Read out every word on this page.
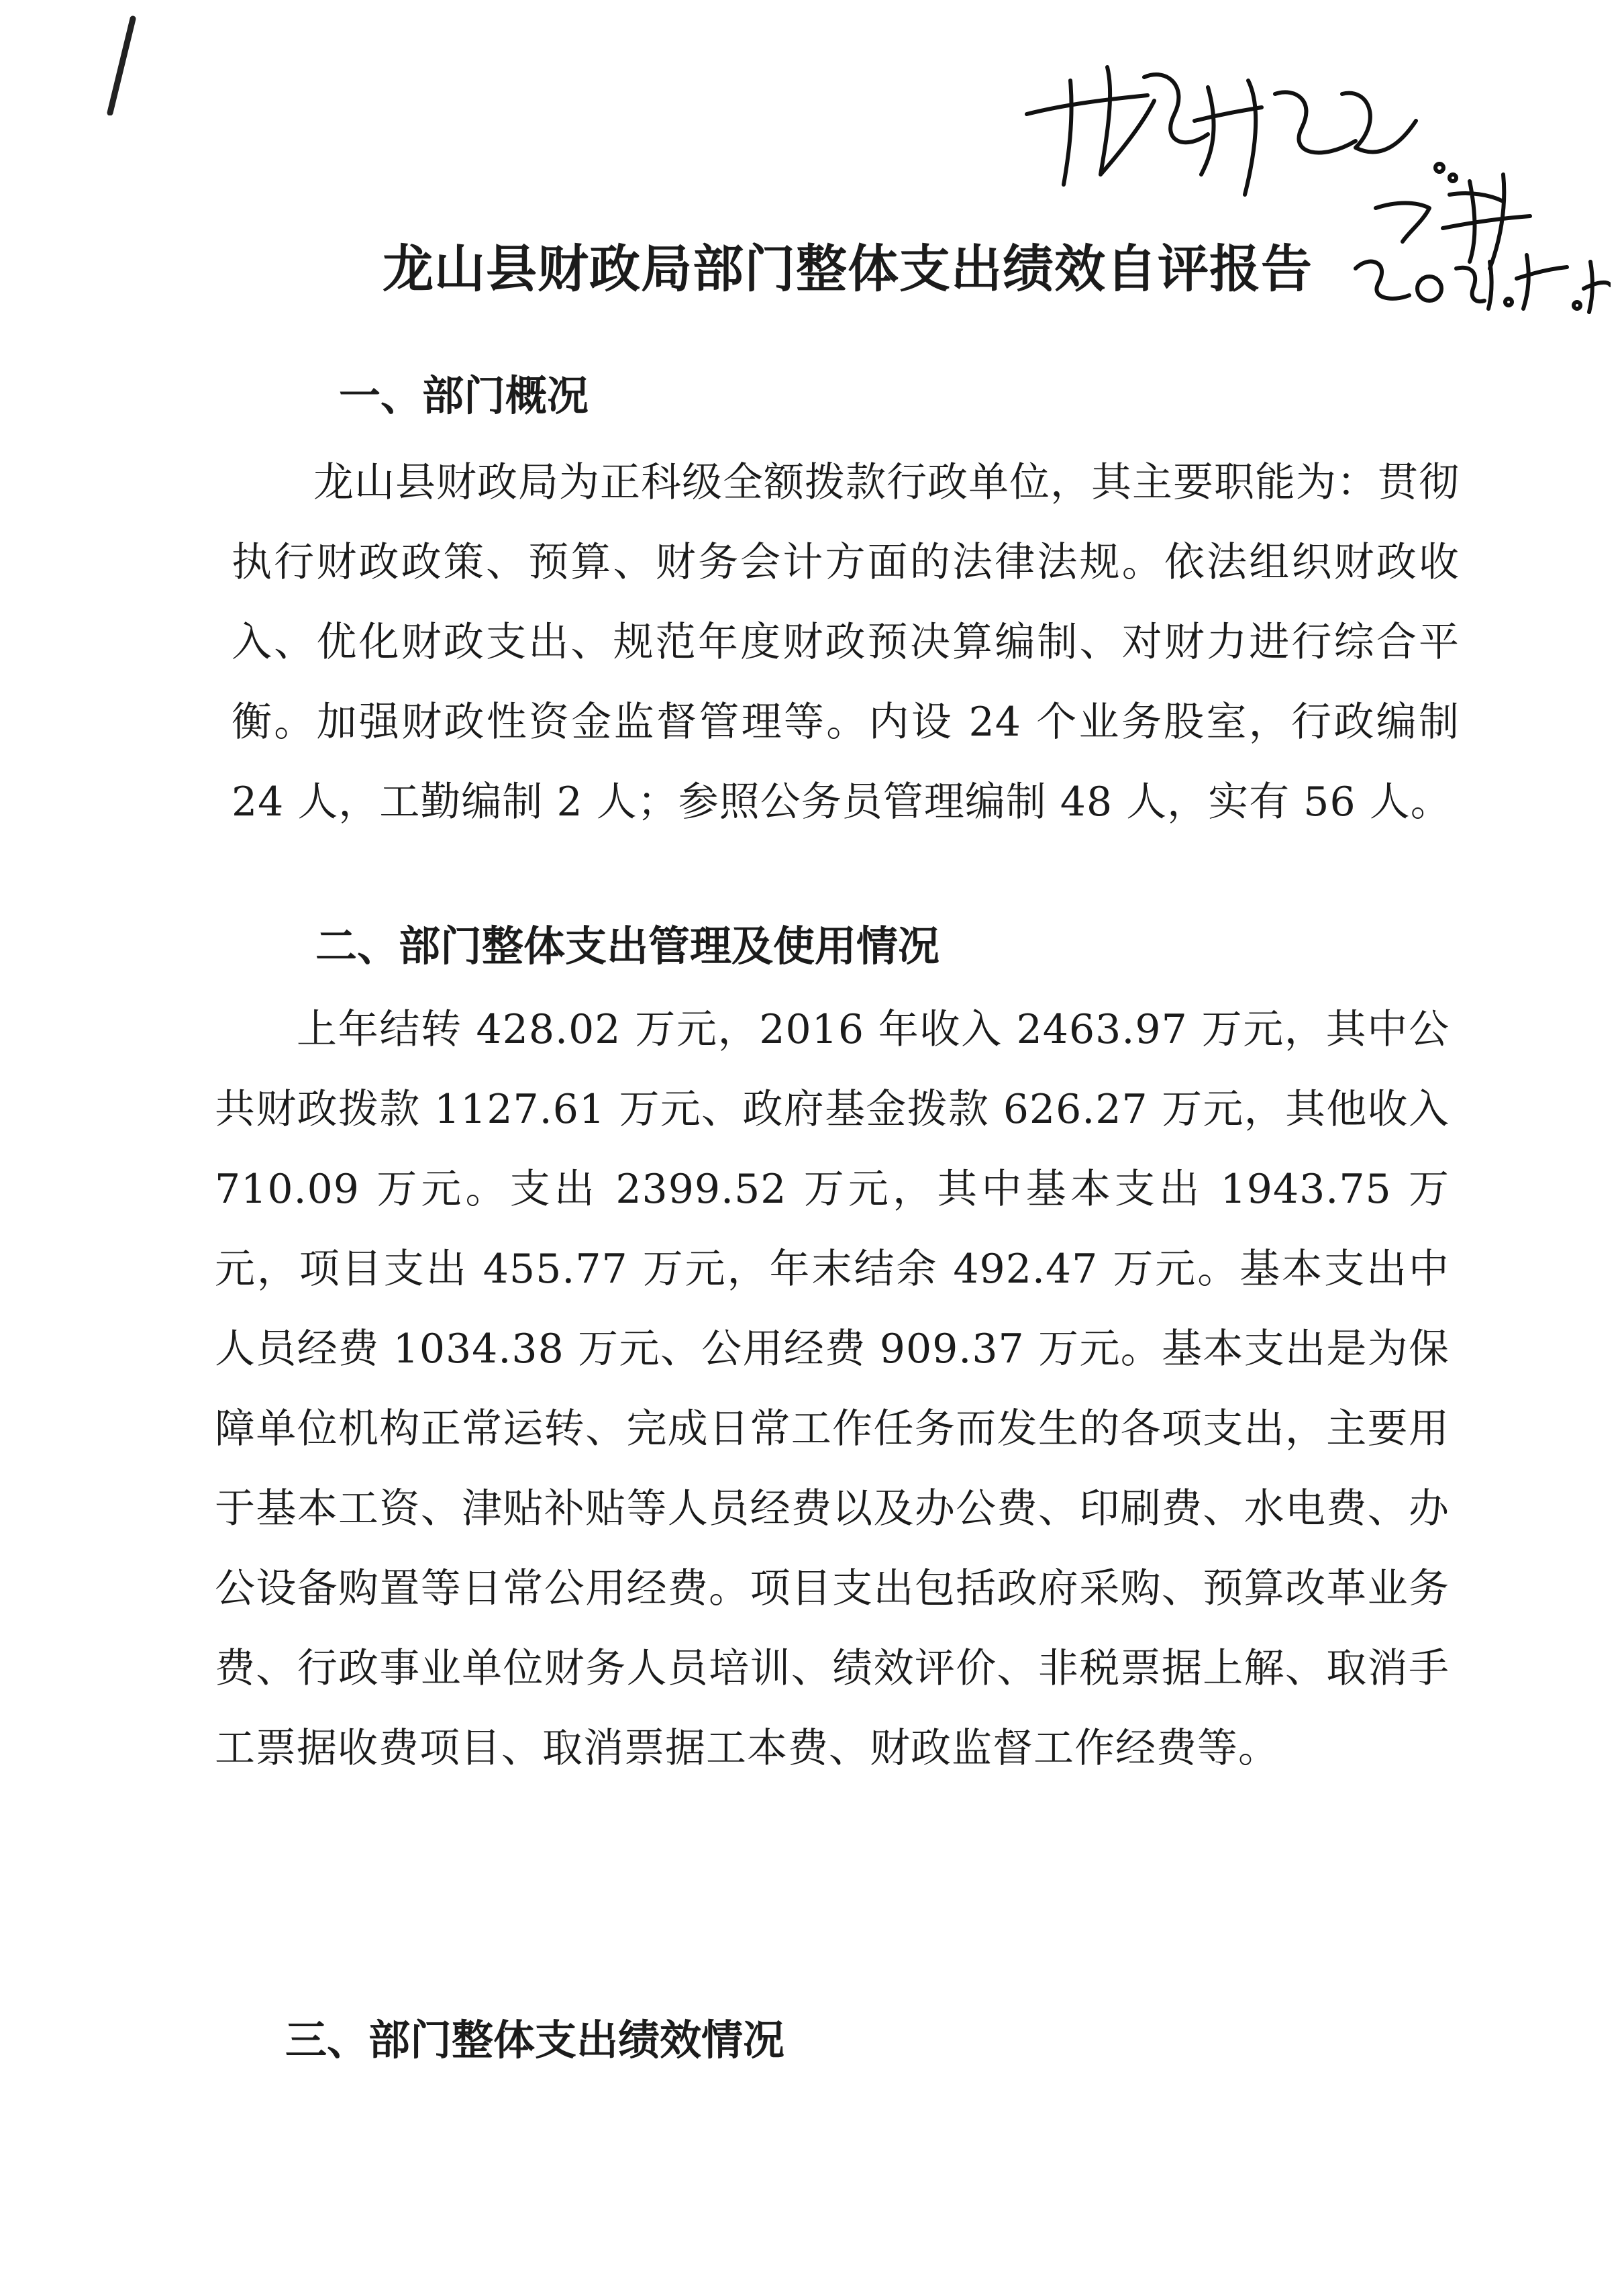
龙山县财政局部门整体支出绩效自评报告
一、部门概况
龙山县财政局为正科级全额拨款行政单位，其主要职能为：贯彻执行财政政策、预算、财务会计方面的法律法规。依法组织财政收入、优化财政支出、规范年度财政预决算编制、对财力进行综合平衡。加强财政性资金监督管理等。内设 24 个业务股室，行政编制 24 人，工勤编制 2 人；参照公务员管理编制 48 人，实有 56 人。
二、部门整体支出管理及使用情况
上年结转 428.02 万元，2016 年收入 2463.97 万元，其中公共财政拨款 1127.61 万元、政府基金拨款 626.27 万元，其他收入 710.09 万元。支出 2399.52 万元，其中基本支出 1943.75 万元，项目支出 455.77 万元，年末结余 492.47 万元。基本支出中人员经费 1034.38 万元、公用经费 909.37 万元。基本支出是为保障单位机构正常运转、完成日常工作任务而发生的各项支出，主要用于基本工资、津贴补贴等人员经费以及办公费、印刷费、水电费、办公设备购置等日常公用经费。项目支出包括政府采购、预算改革业务费、行政事业单位财务人员培训、绩效评价、非税票据上解、取消手工票据收费项目、取消票据工本费、财政监督工作经费等。
三、部门整体支出绩效情况
